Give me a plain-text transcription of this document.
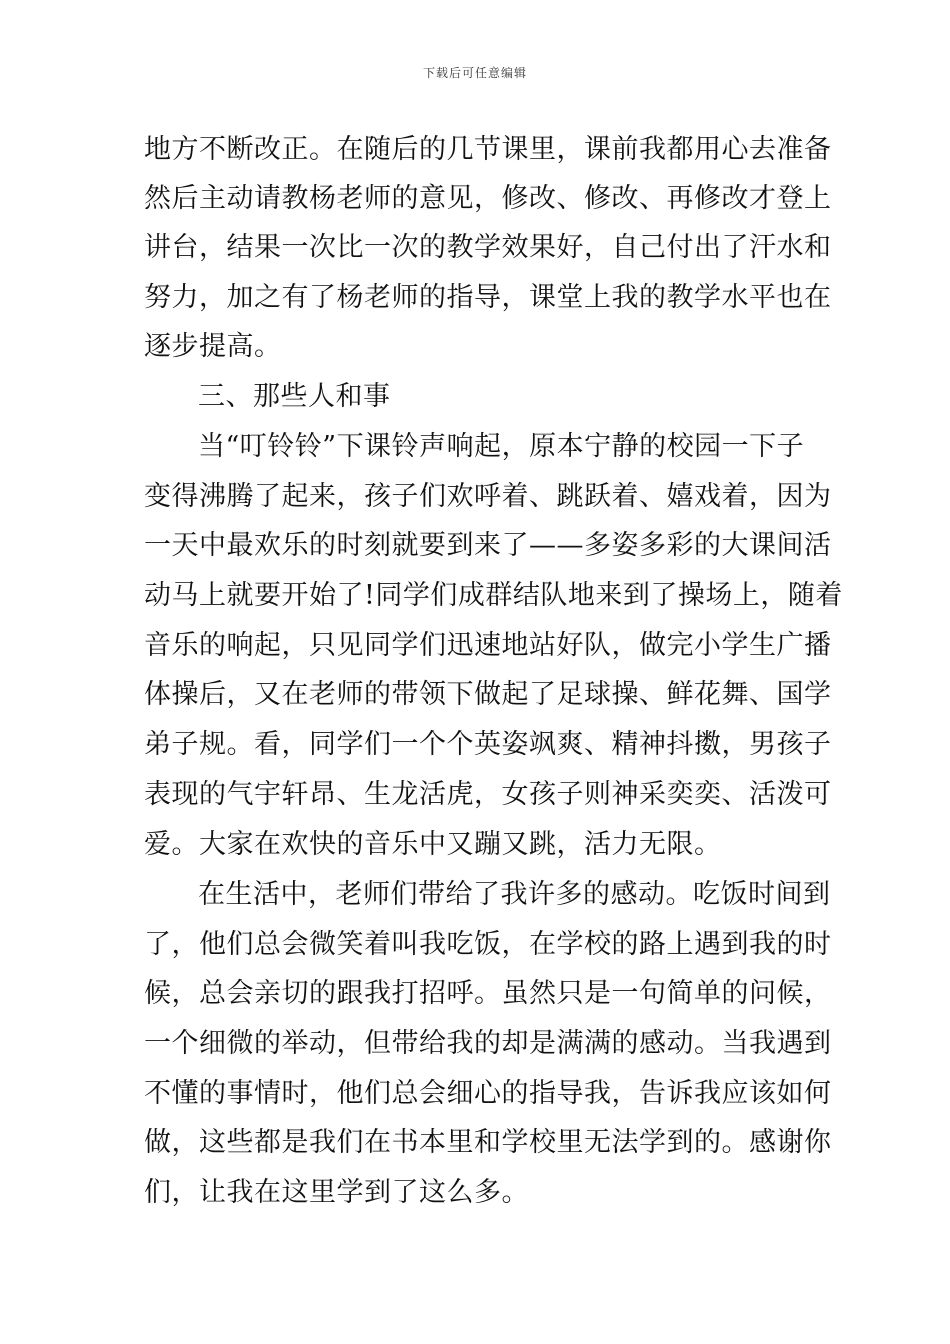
下载后可任意编辑
地方不断改正。在随后的几节课里，课前我都用心去准备
然后主动请教杨老师的意见，修改、修改、再修改才登上
讲台，结果一次比一次的教学效果好，自己付出了汗水和
努力，加之有了杨老师的指导，课堂上我的教学水平也在
逐步提高。
三、那些人和事
当“叮铃铃”下课铃声响起，原本宁静的校园一下子
变得沸腾了起来，孩子们欢呼着、跳跃着、嬉戏着，因为
一天中最欢乐的时刻就要到来了——多姿多彩的大课间活
动马上就要开始了!同学们成群结队地来到了操场上，随着
音乐的响起，只见同学们迅速地站好队，做完小学生广播
体操后，又在老师的带领下做起了足球操、鲜花舞、国学
弟子规。看，同学们一个个英姿飒爽、精神抖擞，男孩子
表现的气宇轩昂、生龙活虎，女孩子则神采奕奕、活泼可
爱。大家在欢快的音乐中又蹦又跳，活力无限。
在生活中，老师们带给了我许多的感动。吃饭时间到
了，他们总会微笑着叫我吃饭，在学校的路上遇到我的时
候，总会亲切的跟我打招呼。虽然只是一句简单的问候，
一个细微的举动，但带给我的却是满满的感动。当我遇到
不懂的事情时，他们总会细心的指导我，告诉我应该如何
做，这些都是我们在书本里和学校里无法学到的。感谢你
们，让我在这里学到了这么多。
